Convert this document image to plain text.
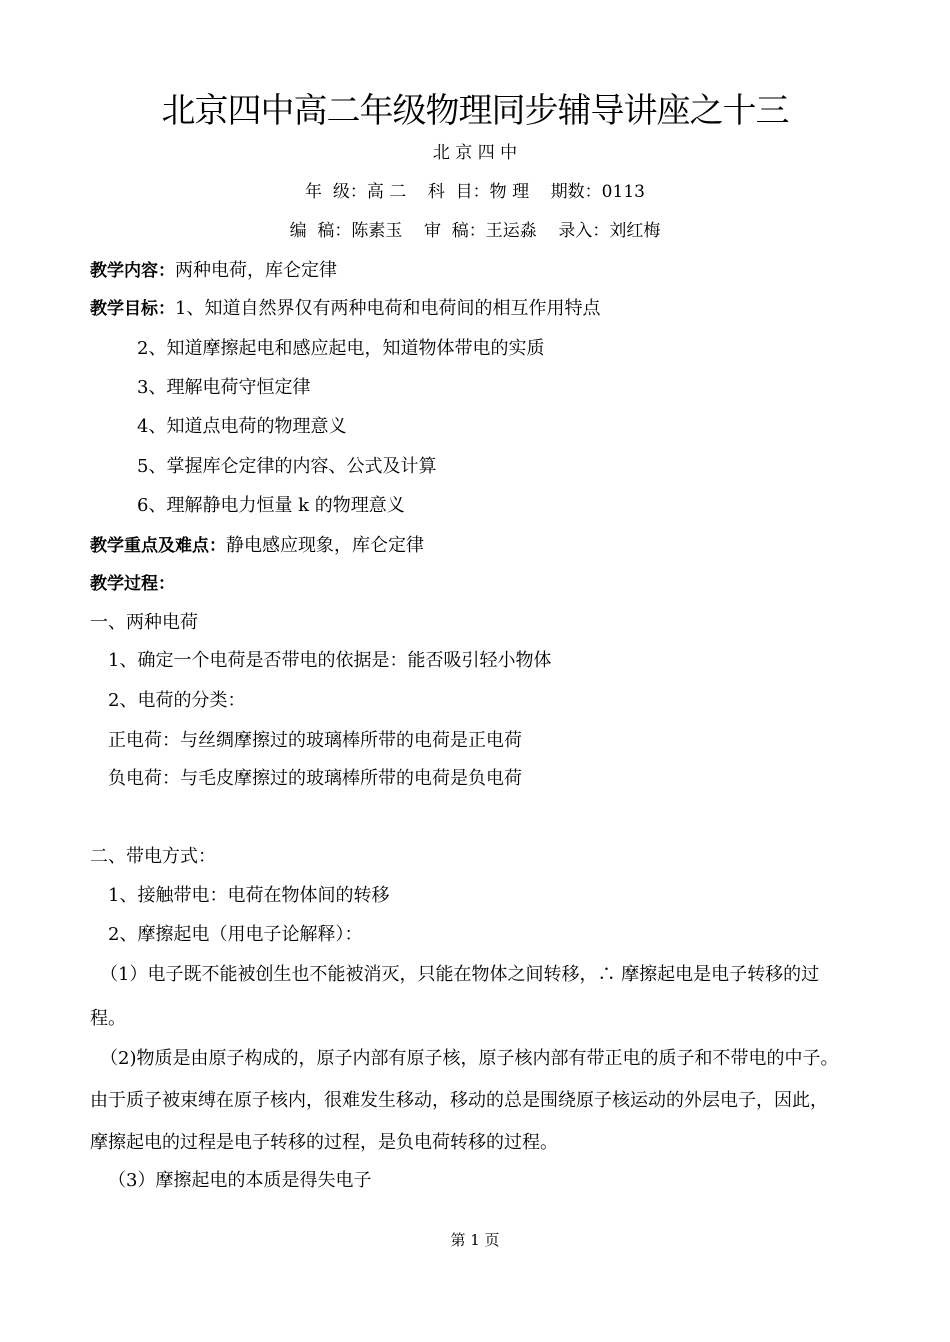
北京四中高二年级物理同步辅导讲座之十三
北 京 四 中
年  级：高 二    科  目：物 理    期数：0113
编  稿：陈素玉    审  稿：王运淼    录入：刘红梅
教学内容：两种电荷，库仑定律
教学目标：1、知道自然界仅有两种电荷和电荷间的相互作用特点
2、知道摩擦起电和感应起电，知道物体带电的实质
3、理解电荷守恒定律
4、知道点电荷的物理意义
5、掌握库仑定律的内容、公式及计算
6、理解静电力恒量 k 的物理意义
教学重点及难点：静电感应现象，库仑定律
教学过程：
一、两种电荷
1、确定一个电荷是否带电的依据是：能否吸引轻小物体
2、电荷的分类：
正电荷：与丝绸摩擦过的玻璃棒所带的电荷是正电荷
负电荷：与毛皮摩擦过的玻璃棒所带的电荷是负电荷
二、带电方式：
1、接触带电：电荷在物体间的转移
2、摩擦起电（用电子论解释）：
（1）电子既不能被创生也不能被消灭，只能在物体之间转移，∴ 摩擦起电是电子转移的过
程。
（2)物质是由原子构成的，原子内部有原子核，原子核内部有带正电的质子和不带电的中子。
由于质子被束缚在原子核内，很难发生移动，移动的总是围绕原子核运动的外层电子，因此，
摩擦起电的过程是电子转移的过程，是负电荷转移的过程。
（3）摩擦起电的本质是得失电子
第 1 页
